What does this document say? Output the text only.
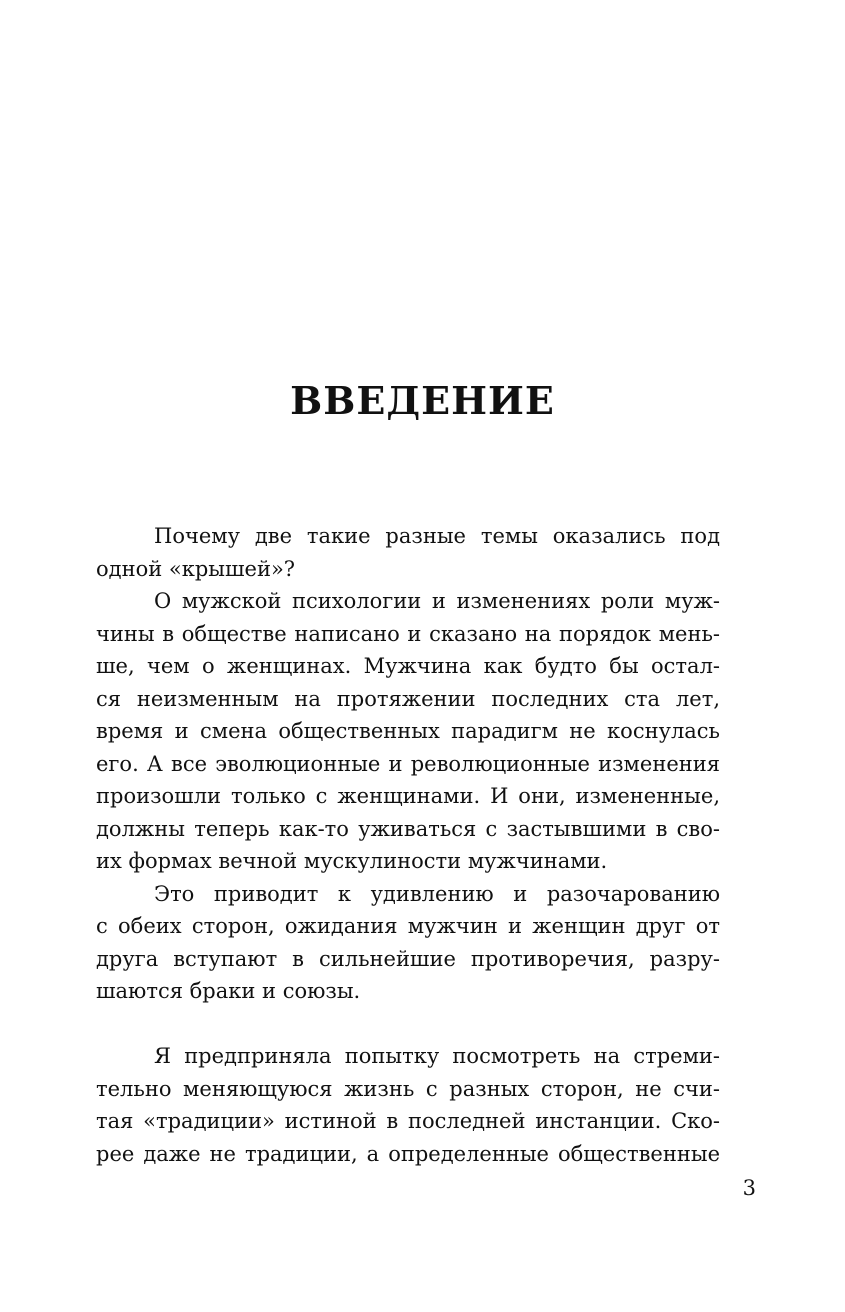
ВВЕДЕНИЕ
Почему две такие разные темы оказались под
одной «крышей»?
О мужской психологии и изменениях роли муж-
чины в обществе написано и сказано на порядок мень-
ше, чем о женщинах. Мужчина как будто бы остал-
ся неизменным на протяжении последних ста лет,
время и смена общественных парадигм не коснулась
его. А все эволюционные и революционные изменения
произошли только с женщинами. И они, измененные,
должны теперь как-то уживаться с застывшими в сво-
их формах вечной мускулиности мужчинами.
Это приводит к удивлению и разочарованию
с обеих сторон, ожидания мужчин и женщин друг от
друга вступают в сильнейшие противоречия, разру-
шаются браки и союзы.
Я предприняла попытку посмотреть на стреми-
тельно меняющуюся жизнь с разных сторон, не счи-
тая «традиции» истиной в последней инстанции. Ско-
рее даже не традиции, а определенные общественные
3
